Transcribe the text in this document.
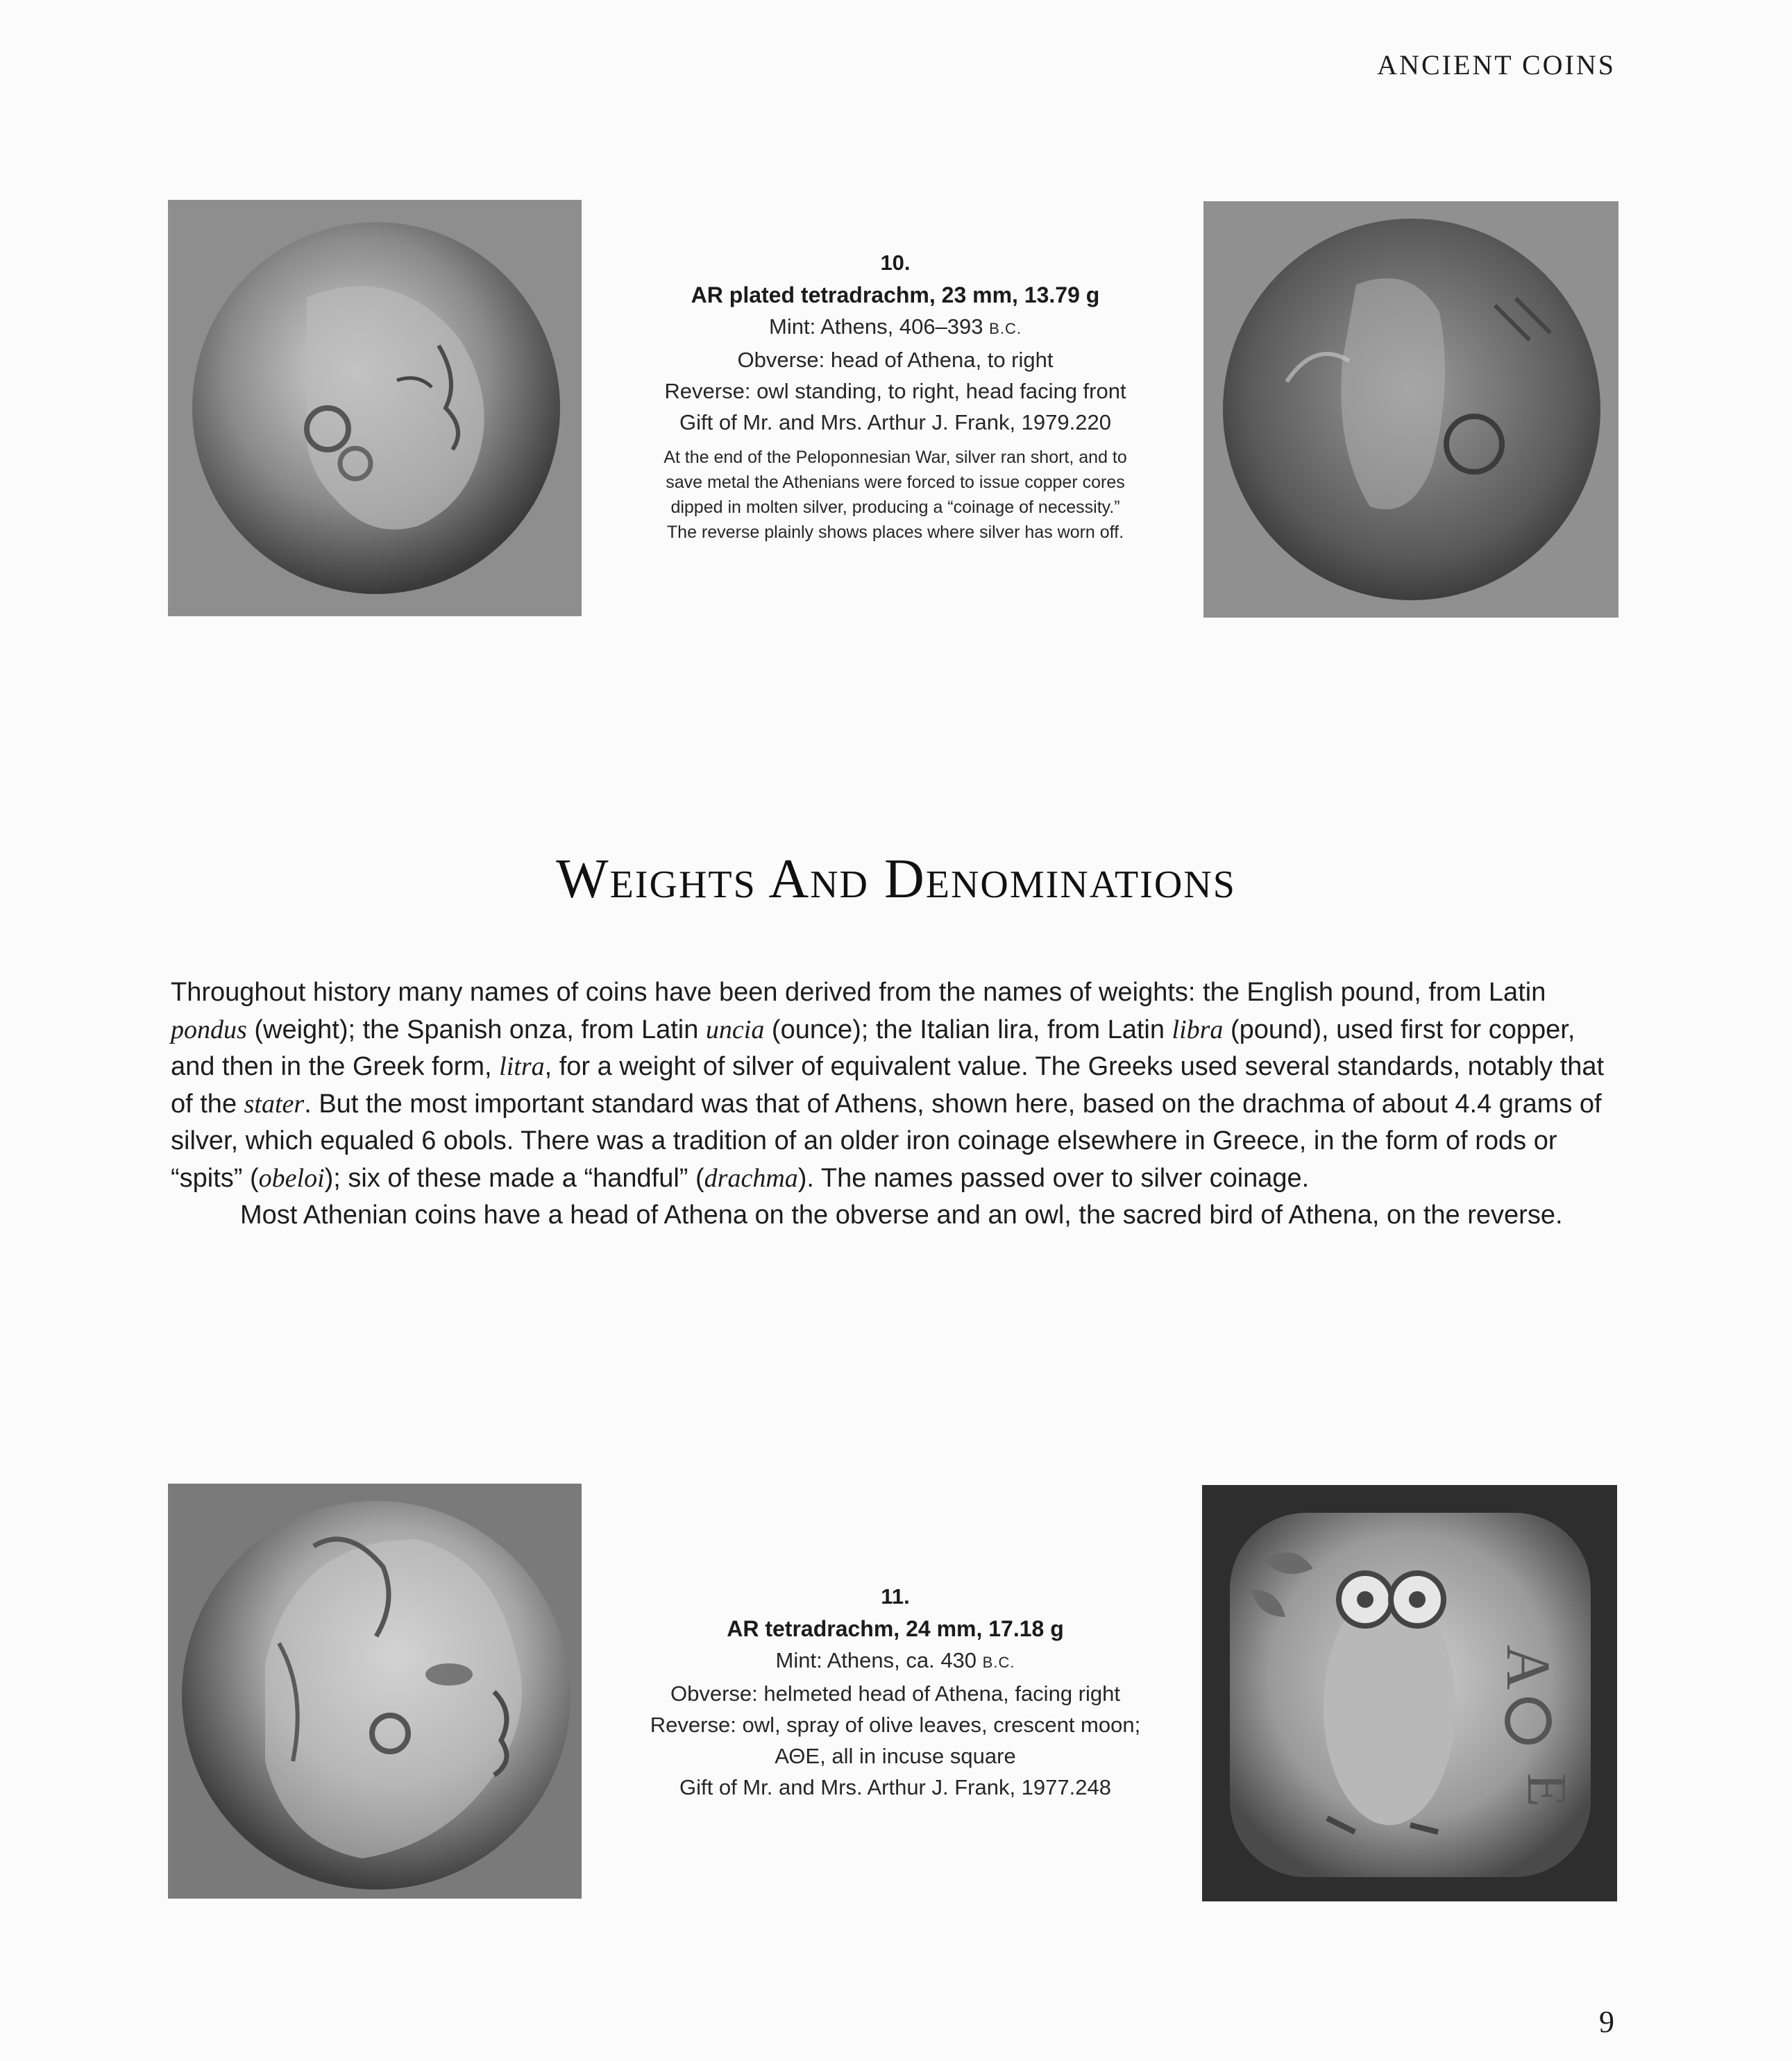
ANCIENT COINS
10.
AR plated tetradrachm, 23 mm, 13.79 g
Mint: Athens, 406–393 B.C.
Obverse: head of Athena, to right
Reverse: owl standing, to right, head facing front
Gift of Mr. and Mrs. Arthur J. Frank, 1979.220
At the end of the Peloponnesian War, silver ran short, and to
save metal the Athenians were forced to issue copper cores
dipped in molten silver, producing a “coinage of necessity.”
The reverse plainly shows places where silver has worn off.
Weights And Denominations

Throughout history many names of coins have been derived from the names of weights: the English pound, from Latin pondus (weight); the Spanish onza, from Latin uncia (ounce); the Italian lira, from Latin libra (pound), used first for copper, and then in the Greek form, litra, for a weight of silver of equivalent value. The Greeks used several standards, notably that of the stater. But the most important standard was that of Athens, shown here, based on the drachma of about 4.4 grams of silver, which equaled 6 obols. There was a tradition of an older iron coinage elsewhere in Greece, in the form of rods or “spits” (obeloi); six of these made a “handful” (drachma). The names passed over to silver coinage.

Most Athenian coins have a head of Athena on the obverse and an owl, the sacred bird of Athena, on the reverse.

11.
AR tetradrachm, 24 mm, 17.18 g
Mint: Athens, ca. 430 B.C.
Obverse: helmeted head of Athena, facing right
Reverse: owl, spray of olive leaves, crescent moon;
ΑΘΕ, all in incuse square
Gift of Mr. and Mrs. Arthur J. Frank, 1977.248
Α
Ε
9
